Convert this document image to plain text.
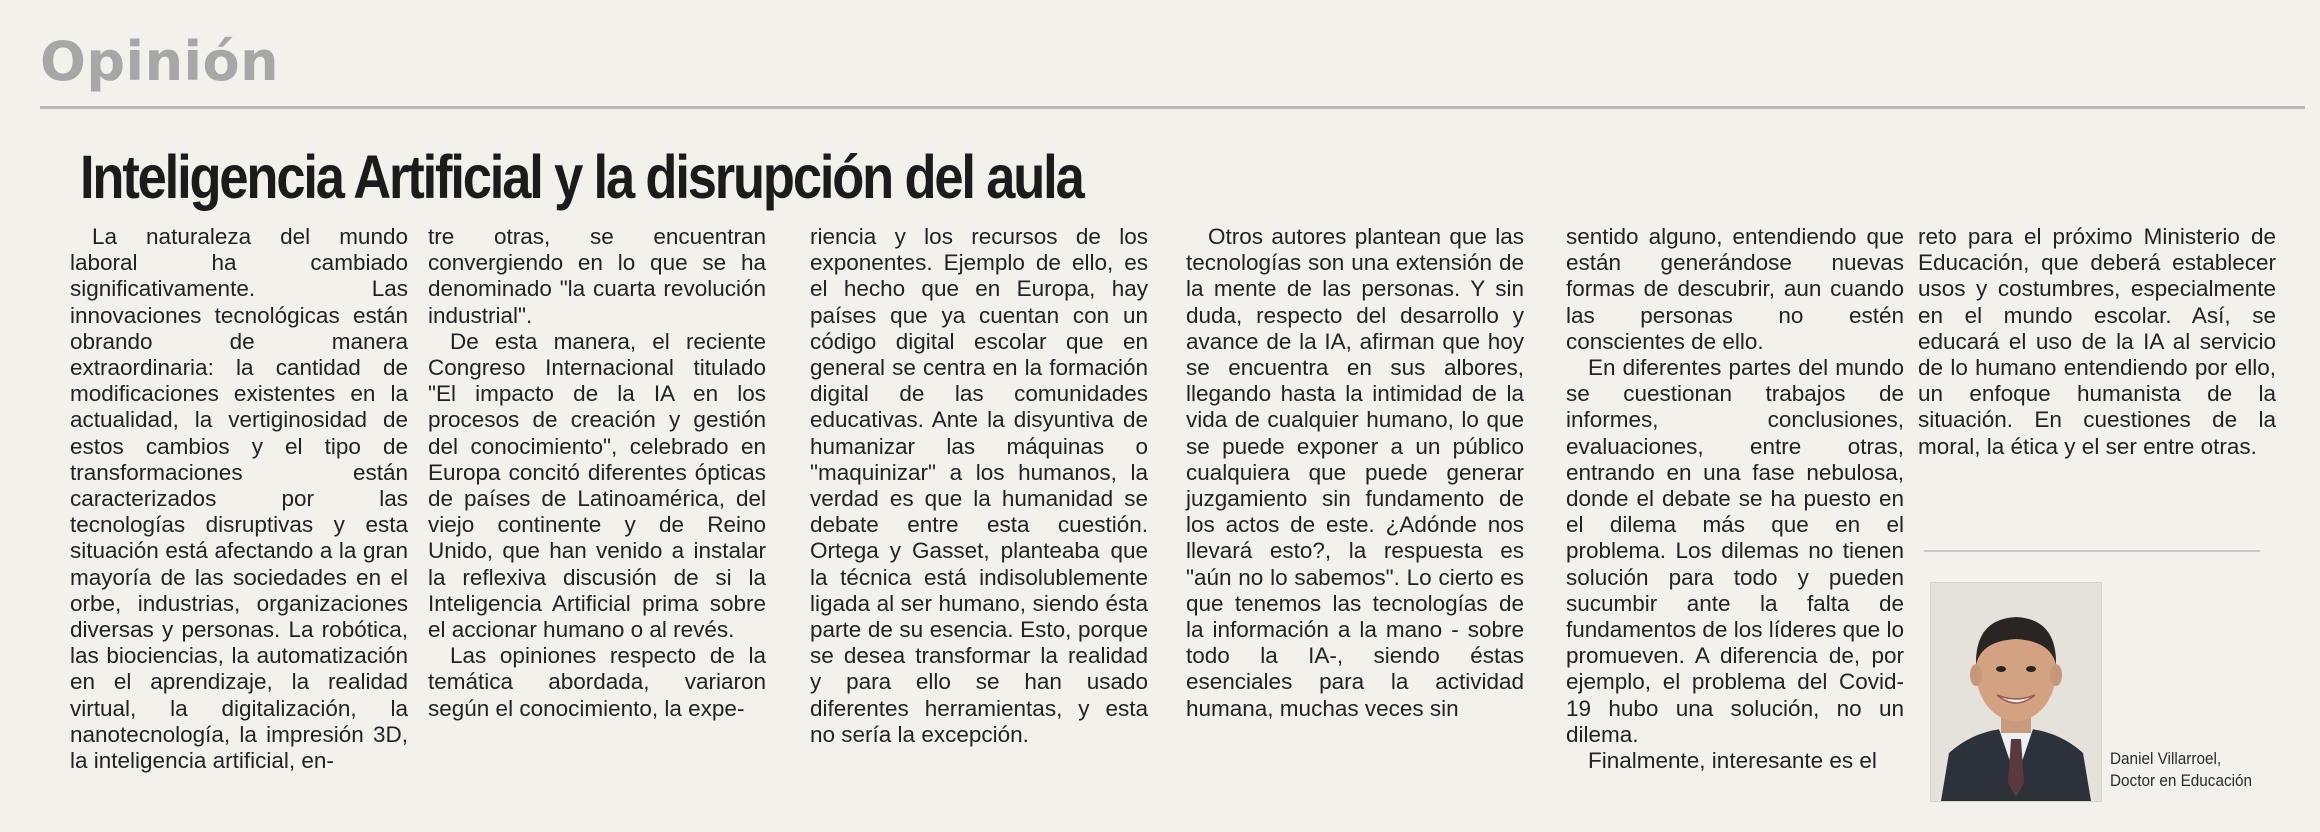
Opinión
Inteligencia Artificial y la disrupción del aula

La naturaleza del mundo laboral ha cambiado significativamente. Las innovaciones tecnológicas están obrando de manera extraordinaria: la cantidad de modificaciones existentes en la actualidad, la vertiginosidad de estos cambios y el tipo de transformaciones están caracterizados por las tecnologías disruptivas y esta situación está afectando a la gran mayoría de las sociedades en el orbe, industrias, organizaciones diversas y personas. La robótica, las biociencias, la automatización en el aprendizaje, la realidad virtual, la digitalización, la nanotecnología, la impresión 3D, la inteligencia artificial, en-

tre otras, se encuentran convergiendo en lo que se ha denominado "la cuarta revolución industrial".

De esta manera, el reciente Congreso Internacional titulado "El impacto de la IA en los procesos de creación y gestión del conocimiento", celebrado en Europa concitó diferentes ópticas de países de Latinoamérica, del viejo continente y de Reino Unido, que han venido a instalar la reflexiva discusión de si la Inteligencia Artificial prima sobre el accionar humano o al revés.

Las opiniones respecto de la temática abordada, variaron según el conocimiento, la expe-

riencia y los recursos de los exponentes. Ejemplo de ello, es el hecho que en Europa, hay países que ya cuentan con un código digital escolar que en general se centra en la formación digital de las comunidades educativas. Ante la disyuntiva de humanizar las máquinas o "maquinizar" a los humanos, la verdad es que la humanidad se debate entre esta cuestión. Ortega y Gasset, planteaba que la técnica está indisolublemente ligada al ser humano, siendo ésta parte de su esencia. Esto, porque se desea transformar la realidad y para ello se han usado diferentes herramientas, y esta no sería la excepción.

Otros autores plantean que las tecnologías son una extensión de la mente de las personas. Y sin duda, respecto del desarrollo y avance de la IA, afirman que hoy se encuentra en sus albores, llegando hasta la intimidad de la vida de cualquier humano, lo que se puede exponer a un público cualquiera que puede generar juzgamiento sin fundamento de los actos de este. ¿Adónde nos llevará esto?, la respuesta es "aún no lo sabemos". Lo cierto es que tenemos las tecnologías de la información a la mano - sobre todo la IA-, siendo éstas esenciales para la actividad humana, muchas veces sin

sentido alguno, entendiendo que están generándose nuevas formas de descubrir, aun cuando las personas no estén conscientes de ello.

En diferentes partes del mundo se cuestionan trabajos de informes, conclusiones, evaluaciones, entre otras, entrando en una fase nebulosa, donde el debate se ha puesto en el dilema más que en el problema. Los dilemas no tienen solución para todo y pueden sucumbir ante la falta de fundamentos de los líderes que lo promueven. A diferencia de, por ejemplo, el problema del Covid-19 hubo una solución, no un dilema.

Finalmente, interesante es el

reto para el próximo Ministerio de Educación, que deberá establecer usos y costumbres, especialmente en el mundo escolar. Así, se educará el uso de la IA al servicio de lo humano entendiendo por ello, un enfoque humanista de la situación. En cuestiones de la moral, la ética y el ser entre otras.

Daniel Villarroel,
Doctor en Educación
